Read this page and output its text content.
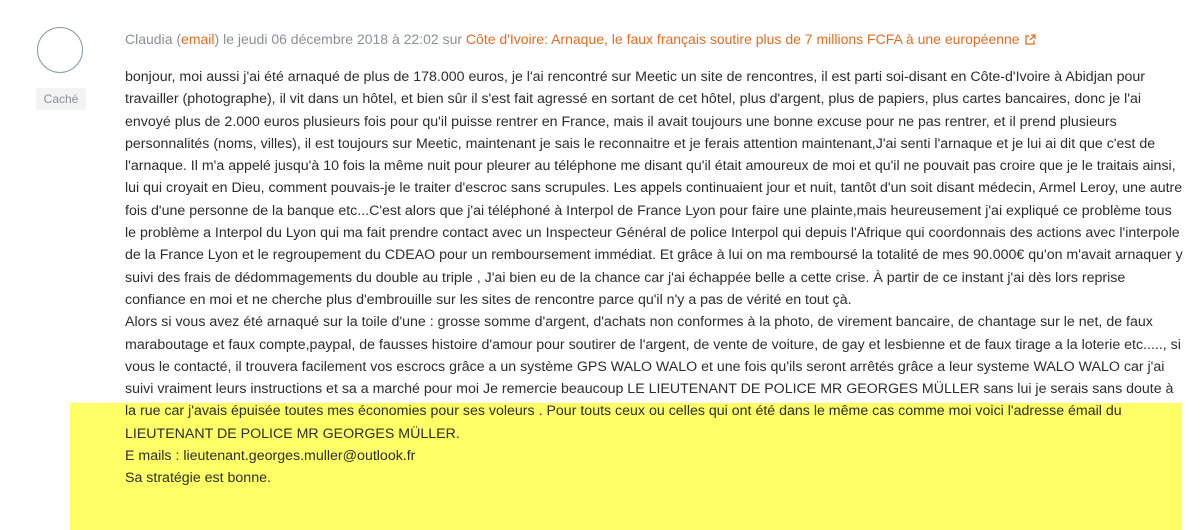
Caché
Claudia (email) le jeudi 06 décembre 2018 à 22:02 sur Côte d'Ivoire: Arnaque, le faux français soutire plus de 7 millions FCFA à une européenne

bonjour, moi aussi j'ai été arnaqué de plus de 178.000 euros, je l'ai rencontré sur Meetic un site de rencontres, il est parti soi-disant en Côte-d'Ivoire à Abidjan pour travailler (photographe), il vit dans un hôtel, et bien sûr il s'est fait agressé en sortant de cet hôtel, plus d'argent, plus de papiers, plus cartes bancaires, donc je l'ai envoyé plus de 2.000 euros plusieurs fois pour qu'il puisse rentrer en France, mais il avait toujours une bonne excuse pour ne pas rentrer, et il prend plusieurs personnalités (noms, villes), il est toujours sur Meetic, maintenant je sais le reconnaitre et je ferais attention maintenant,J'ai senti l'arnaque et je lui ai dit que c'est de l'arnaque. Il m'a appelé jusqu'à 10 fois la même nuit pour pleurer au téléphone me disant qu'il était amoureux de moi et qu'il ne pouvait pas croire que je le traitais ainsi, lui qui croyait en Dieu, comment pouvais-je le traiter d'escroc sans scrupules. Les appels continuaient jour et nuit, tantôt d'un soit disant médecin, Armel Leroy, une autre fois d'une personne de la banque etc...C'est alors que j'ai téléphoné à Interpol de France Lyon pour faire une plainte,mais heureusement j'ai expliqué ce problème tous le problème a Interpol du Lyon qui ma fait prendre contact avec un Inspecteur Général de police Interpol qui depuis l'Afrique qui coordonnais des actions avec l'interpole de la France Lyon et le regroupement du CDEAO pour un remboursement immédiat. Et grâce à lui on ma remboursé la totalité de mes 90.000€ qu'on m'avait arnaquer y suivi des frais de dédommagements du double au triple , J'ai bien eu de la chance car j'ai échappée belle a cette crise. À partir de ce instant j'ai dès lors reprise confiance en moi et ne cherche plus d'embrouille sur les sites de rencontre parce qu'il n'y a pas de vérité en tout çà.

Alors si vous avez été arnaqué sur la toile d'une : grosse somme d'argent, d'achats non conformes à la photo, de virement bancaire, de chantage sur le net, de faux maraboutage et faux compte,paypal, de fausses histoire d'amour pour soutirer de l'argent, de vente de voiture, de gay et lesbienne et de faux tirage a la loterie etc....., si vous le contacté, il trouvera facilement vos escrocs grâce a un système GPS WALO WALO et une fois qu'ils seront arrêtés grâce a leur systeme WALO WALO car j'ai suivi vraiment leurs instructions et sa a marché pour moi Je remercie beaucoup LE LIEUTENANT DE POLICE MR GEORGES MÜLLER sans lui je serais sans doute à la rue car j'avais épuisée toutes mes économies pour ses voleurs . Pour touts ceux ou celles qui ont été dans le même cas comme moi voici l'adresse émail du LIEUTENANT DE POLICE MR GEORGES MÜLLER.

E mails : lieutenant.georges.muller@outlook.fr

Sa stratégie est bonne.
